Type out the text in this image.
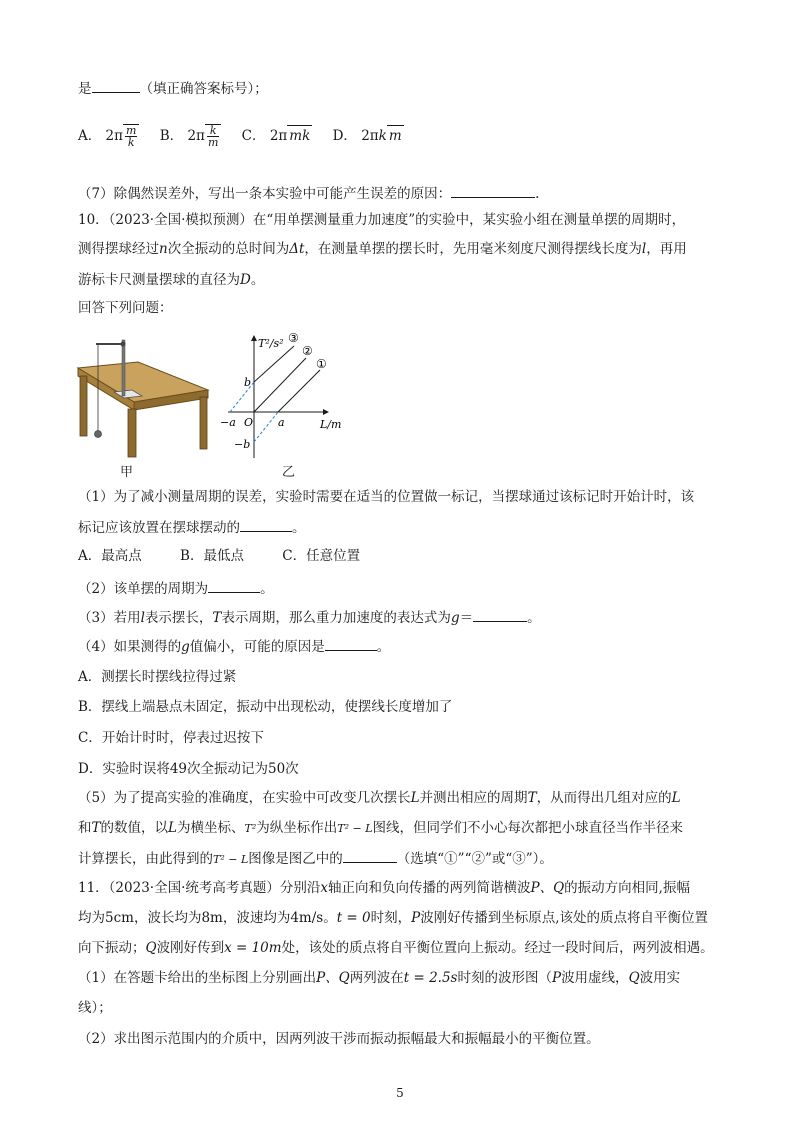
是	（填正确答案标号）；
A． $2\pi \frac{m}{k}$ B． $2\pi \frac{k}{m}$ C． 2π mk D． 2πk m
（7）除偶然误差外，写出一条本实验中可能产生误差的原因：	.
10．（2023·全国·模拟预测）在“用单摆测量重力加速度”的实验中，某实验小组在测量单摆的周期时，
测得摆球经过n次全振动的总时间为Δt，在测量单摆的摆长时，先用毫米刻度尺测得摆线长度为l，再用
游标卡尺测量摆球的直径为D。
回答下列问题：
甲
T²/s²
L/m
b
−b
a
−a O
③
②
①
乙
（1）为了减小测量周期的误差，实验时需要在适当的位置做一标记，当摆球通过该标记时开始计时，该
标记应该放置在摆球摆动的	。
A．最高点	B．最低点	C．任意位置
（2）该单摆的周期为	。
（3）若用l表示摆长，T表示周期，那么重力加速度的表达式为g＝	。
（4）如果测得的g值偏小，可能的原因是	。
A．测摆长时摆线拉得过紧
B．摆线上端悬点未固定，振动中出现松动，使摆线长度增加了
C．开始计时时，停表过迟按下
D．实验时误将49次全振动记为50次
（5）为了提高实验的准确度，在实验中可改变几次摆长L并测出相应的周期T，从而得出几组对应的L
和T的数值，以L为横坐标、T²为纵坐标作出T² − L图线，但同学们不小心每次都把小球直径当作半径来
计算摆长，由此得到的T² − L图像是图乙中的	（选填“①”“②”或“③”）。
11．（2023·全国·统考高考真题）分别沿x轴正向和负向传播的两列简谐横波P、Q的振动方向相同,振幅
均为5cm，波长均为8m，波速均为4m/s。t = 0时刻，P波刚好传播到坐标原点,该处的质点将自平衡位置
向下振动；Q波刚好传到x = 10m处，该处的质点将自平衡位置向上振动。经过一段时间后，两列波相遇。
（1）在答题卡给出的坐标图上分别画出P、Q两列波在t = 2.5s时刻的波形图（P波用虚线，Q波用实
线）；
（2）求出图示范围内的介质中，因两列波干涉而振动振幅最大和振幅最小的平衡位置。
5
